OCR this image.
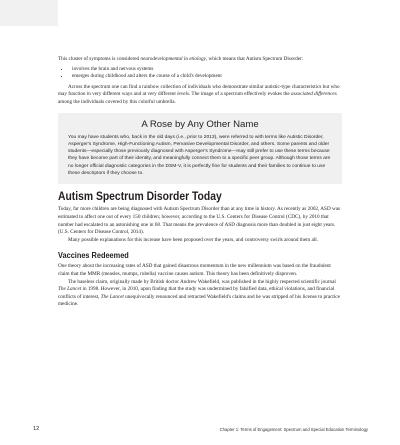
This cluster of symptoms is considered neurodevelopmental in etiology, which means that Autism Spectrum Disorder:

• involves the brain and nervous systems
• emerges during childhood and alters the course of a child's development

Across the spectrum one can find a rainbow collection of individuals who demonstrate similar autistic-type characteristics but who may function in very different ways and at very different levels. The image of a spectrum effectively evokes the associated differences among the individuals covered by this colorful umbrella.

A Rose by Any Other Name

You may have students who, back in the old days (i.e., prior to 2013), were referred to with terms like Autistic Disorder, Asperger's Syndrome, High-Functioning Autism, Pervasive Developmental Disorder, and others. Some parents and older students—especially those previously diagnosed with Asperger's Syndrome—may still prefer to use these terms because they have become part of their identity, and meaningfully connect them to a specific peer group. Although those terms are no longer official diagnostic categories in the DSM-V, it is perfectly fine for students and their families to continue to use these descriptors if they choose to.

Autism Spectrum Disorder Today

Today, far more children are being diagnosed with Autism Spectrum Disorder than at any time in history. As recently as 2002, ASD was estimated to affect one out of every 150 children; however, according to the U.S. Centers for Disease Control (CDC), by 2010 that number had escalated to an astonishing one in 68. That means the prevalence of ASD diagnosis more than doubled in just eight years. (U.S. Centers for Disease Control, 2014).

Many possible explanations for this increase have been proposed over the years, and controversy swirls around them all.

Vaccines Redeemed

One theory about the increasing rates of ASD that gained disastrous momentum in the new millennium was based on the fraudulent claim that the MMR (measles, mumps, rubella) vaccine causes autism. This theory has been definitively disproven.

The baseless claim, originally made by British doctor Andrew Wakefield, was published in the highly respected scientific journal The Lancet in 1998. However, in 2010, upon finding that the study was undermined by falsified data, ethical violations, and financial conflicts of interest, The Lancet unequivocally renounced and retracted Wakefield's claims and he was stripped of his license to practice medicine.

12	Chapter 1: Terms of Engagement: Spectrum and Special Education Terminology
